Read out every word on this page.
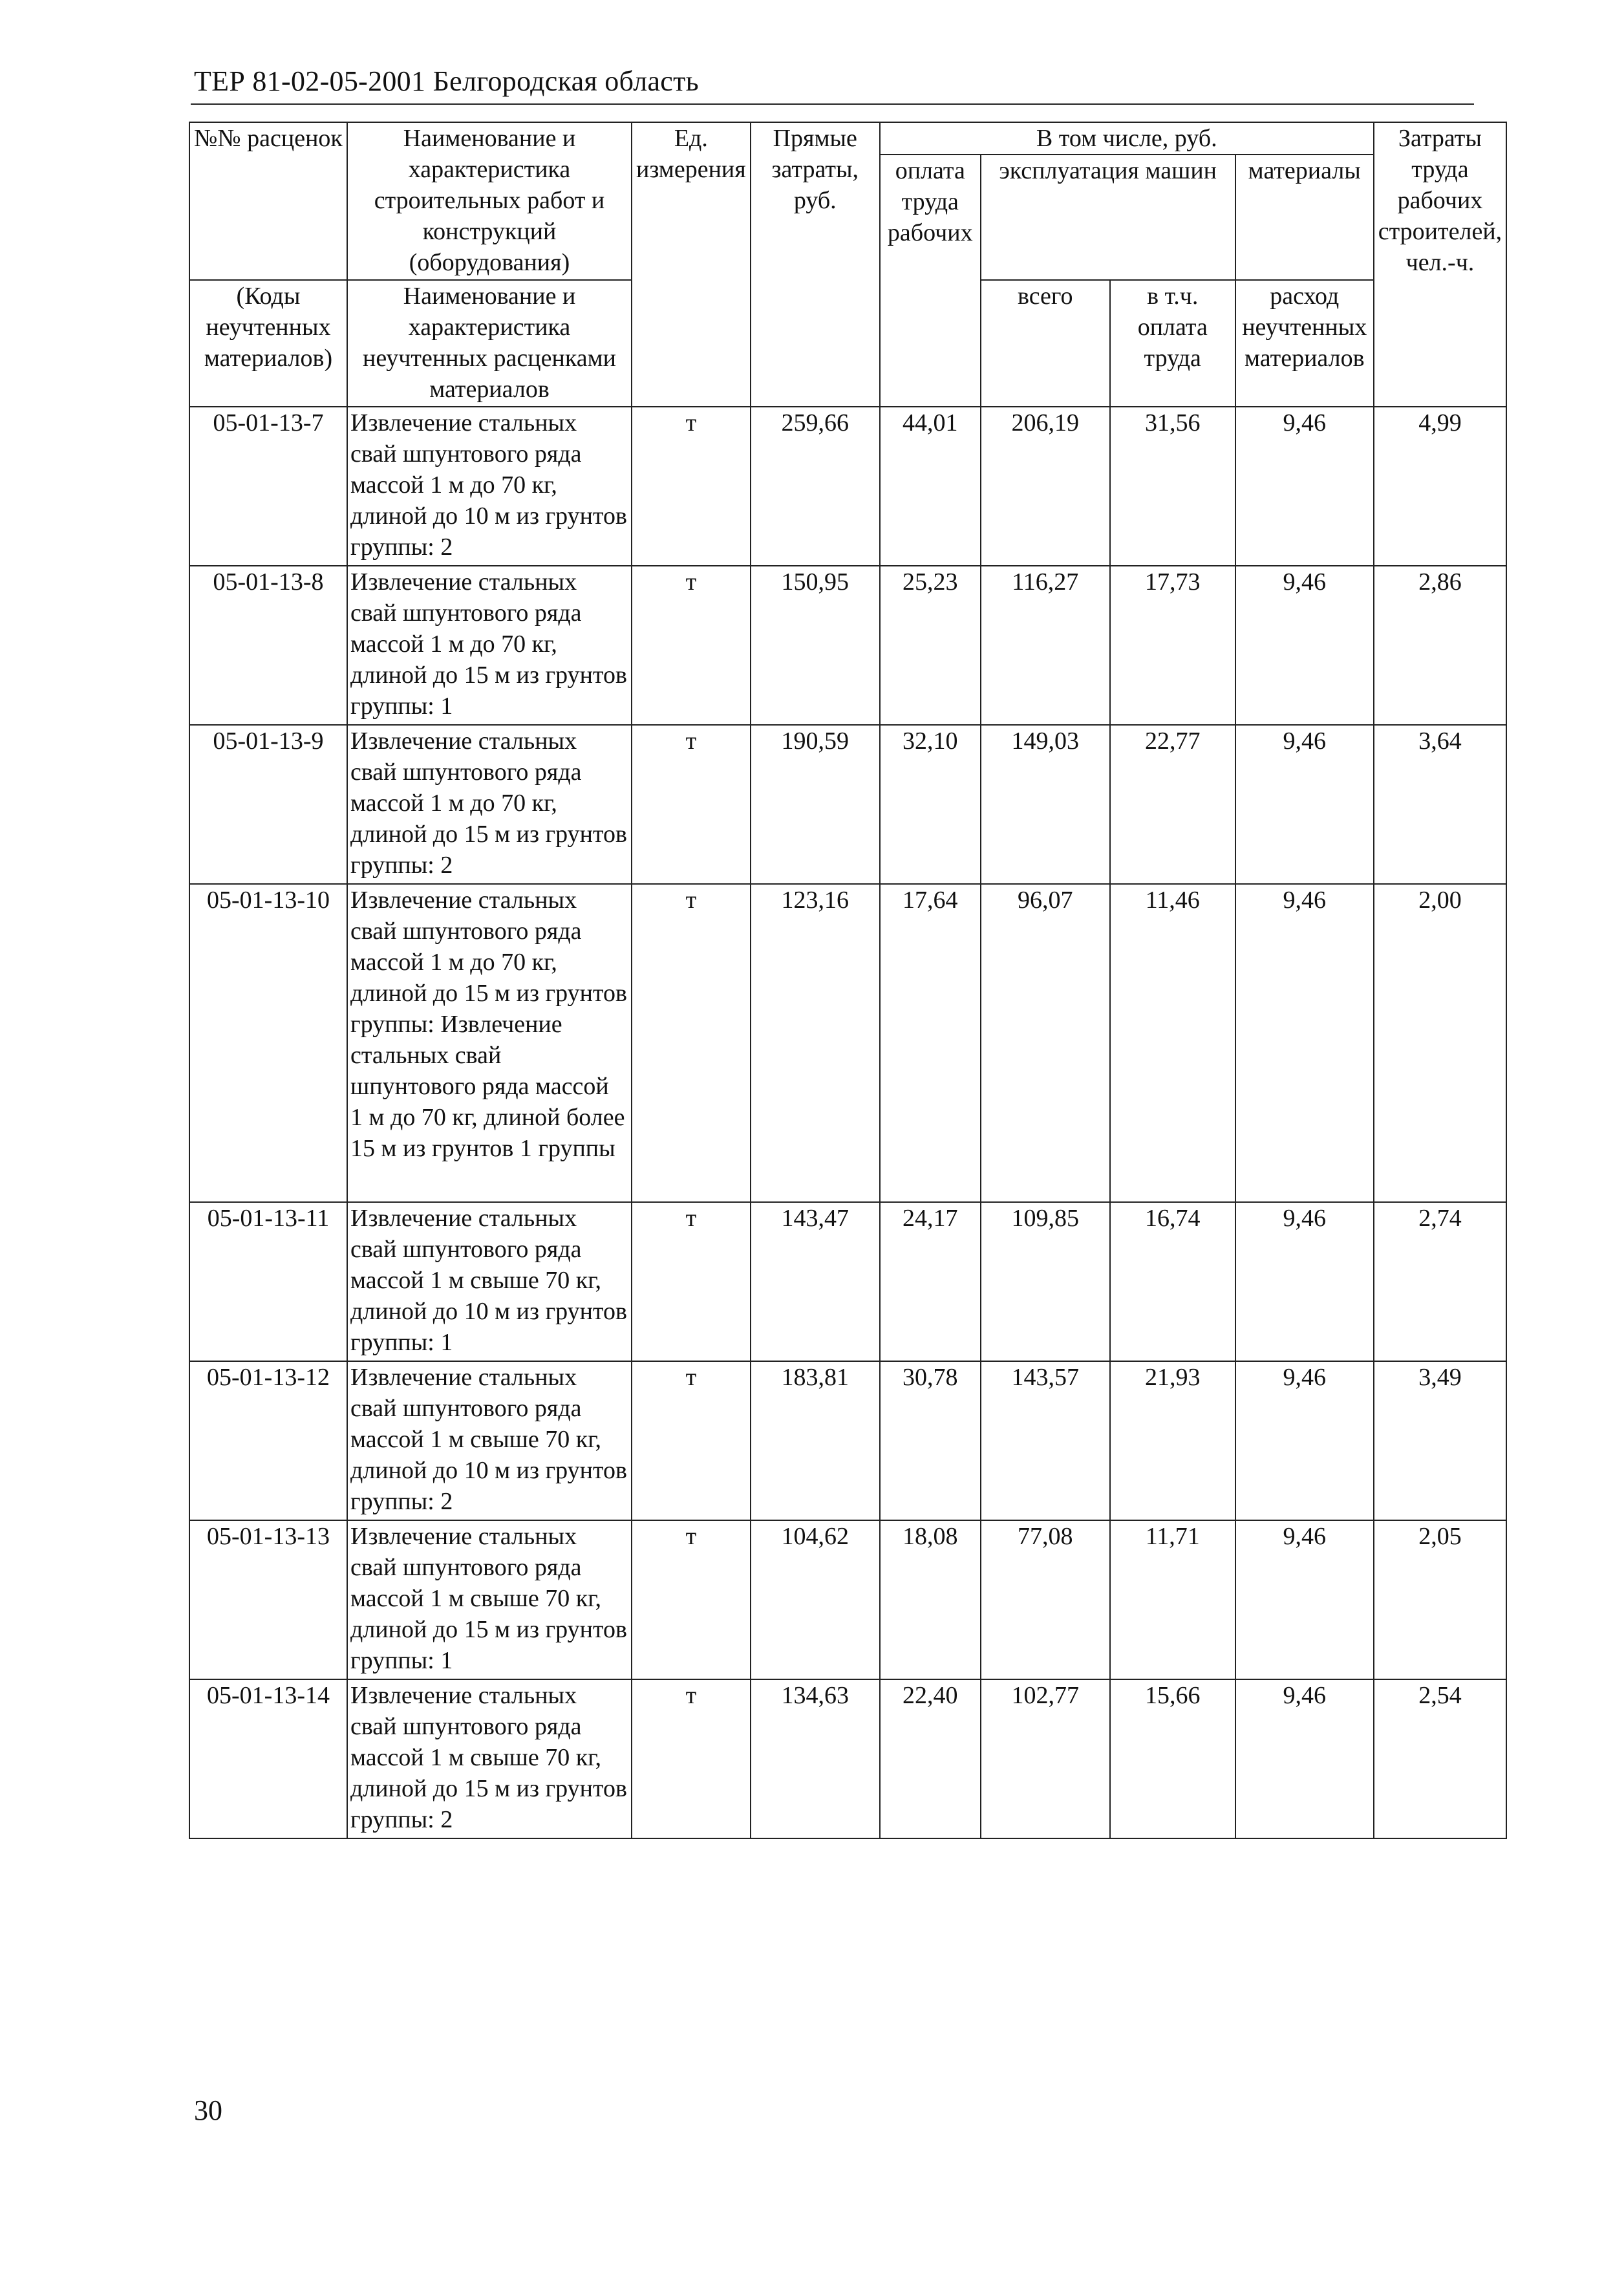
ТЕР 81-02-05-2001 Белгородская область
№№ расценок	Наименование и характеристика строительных работ и конструкций (оборудования)	Ед. измерения	Прямые затраты, руб.	В том числе, руб.				Затраты труда рабочих строителей, чел.-ч.
				оплата труда рабочих	эксплуатация машин		материалы	
(Коды неучтенных материалов)	Наименование и характеристика неучтенных расценками материалов				всего	в т.ч. оплата труда	расход неучтенных материалов	

05-01-13-7	Извлечение стальных свай шпунтового ряда массой 1 м до 70 кг, длиной до 10 м из грунтов группы: 2	т	259,66	44,01	206,19	31,56	9,46	4,99
05-01-13-8	Извлечение стальных свай шпунтового ряда массой 1 м до 70 кг, длиной до 15 м из грунтов группы: 1	т	150,95	25,23	116,27	17,73	9,46	2,86
05-01-13-9	Извлечение стальных свай шпунтового ряда массой 1 м до 70 кг, длиной до 15 м из грунтов группы: 2	т	190,59	32,10	149,03	22,77	9,46	3,64
05-01-13-10	Извлечение стальных свай шпунтового ряда массой 1 м до 70 кг, длиной до 15 м из грунтов группы: Извлечение стальных свай шпунтового ряда массой 1 м до 70 кг, длиной более 15 м из грунтов 1 группы	т	123,16	17,64	96,07	11,46	9,46	2,00
05-01-13-11	Извлечение стальных свай шпунтового ряда массой 1 м свыше 70 кг, длиной до 10 м из грунтов группы: 1	т	143,47	24,17	109,85	16,74	9,46	2,74
05-01-13-12	Извлечение стальных свай шпунтового ряда массой 1 м свыше 70 кг, длиной до 10 м из грунтов группы: 2	т	183,81	30,78	143,57	21,93	9,46	3,49
05-01-13-13	Извлечение стальных свай шпунтового ряда массой 1 м свыше 70 кг, длиной до 15 м из грунтов группы: 1	т	104,62	18,08	77,08	11,71	9,46	2,05
05-01-13-14	Извлечение стальных свай шпунтового ряда массой 1 м свыше 70 кг, длиной до 15 м из грунтов группы: 2	т	134,63	22,40	102,77	15,66	9,46	2,54
30
